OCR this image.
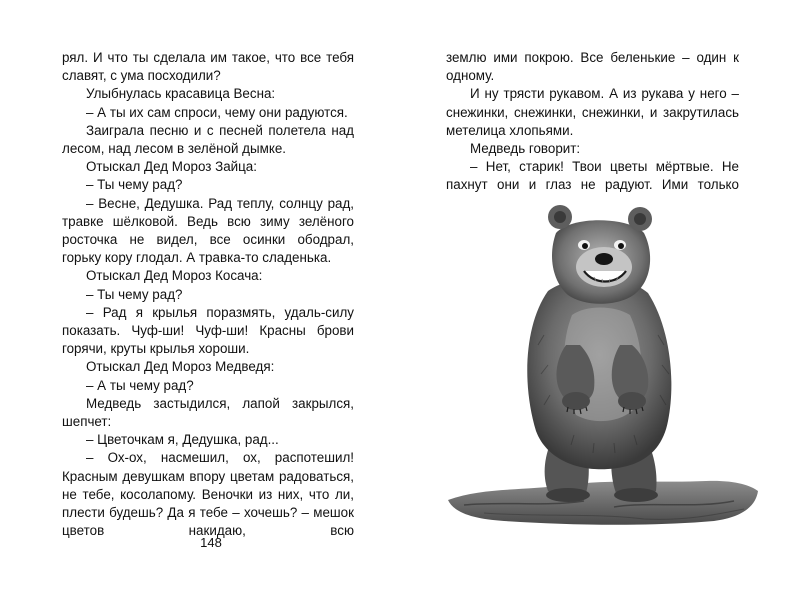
рял. И что ты сделала им такое, что все тебя славят, с ума посходили?

Улыбнулась красавица Весна:

– А ты их сам спроси, чему они радуются.

Заиграла песню и с песней полетела над лесом, над лесом в зелёной дымке.

Отыскал Дед Мороз Зайца:

– Ты чему рад?

– Весне, Дедушка. Рад теплу, солнцу рад, травке шёлковой. Ведь всю зиму зелёного росточка не видел, все осинки ободрал, горьку кору глодал. А травка-то сладенька.

Отыскал Дед Мороз Косача:

– Ты чему рад?

– Рад я крылья поразмять, удаль-силу показать. Чуф-ши! Чуф-ши! Красны брови горячи, круты крылья хороши.

Отыскал Дед Мороз Медведя:

– А ты чему рад?

Медведь застыдился, лапой закрылся, шепчет:

– Цветочкам я, Дедушка, рад...

– Ох-ох, насмешил, ох, распотешил! Красным девушкам впору цветам радоваться, не тебе, косолапому. Веночки из них, что ли, плести будешь? Да я тебе – хочешь? – мешок цветов накидаю, всю

148

землю ими покрою. Все беленькие – один к одному.

И ну трясти рукавом. А из рукава у него – снежинки, снежинки, снежинки, и закрутилась метелица хлопьями.

Медведь говорит:

– Нет, старик! Твои цветы мёртвые. Не пахнут они и глаз не радуют. Ими только
